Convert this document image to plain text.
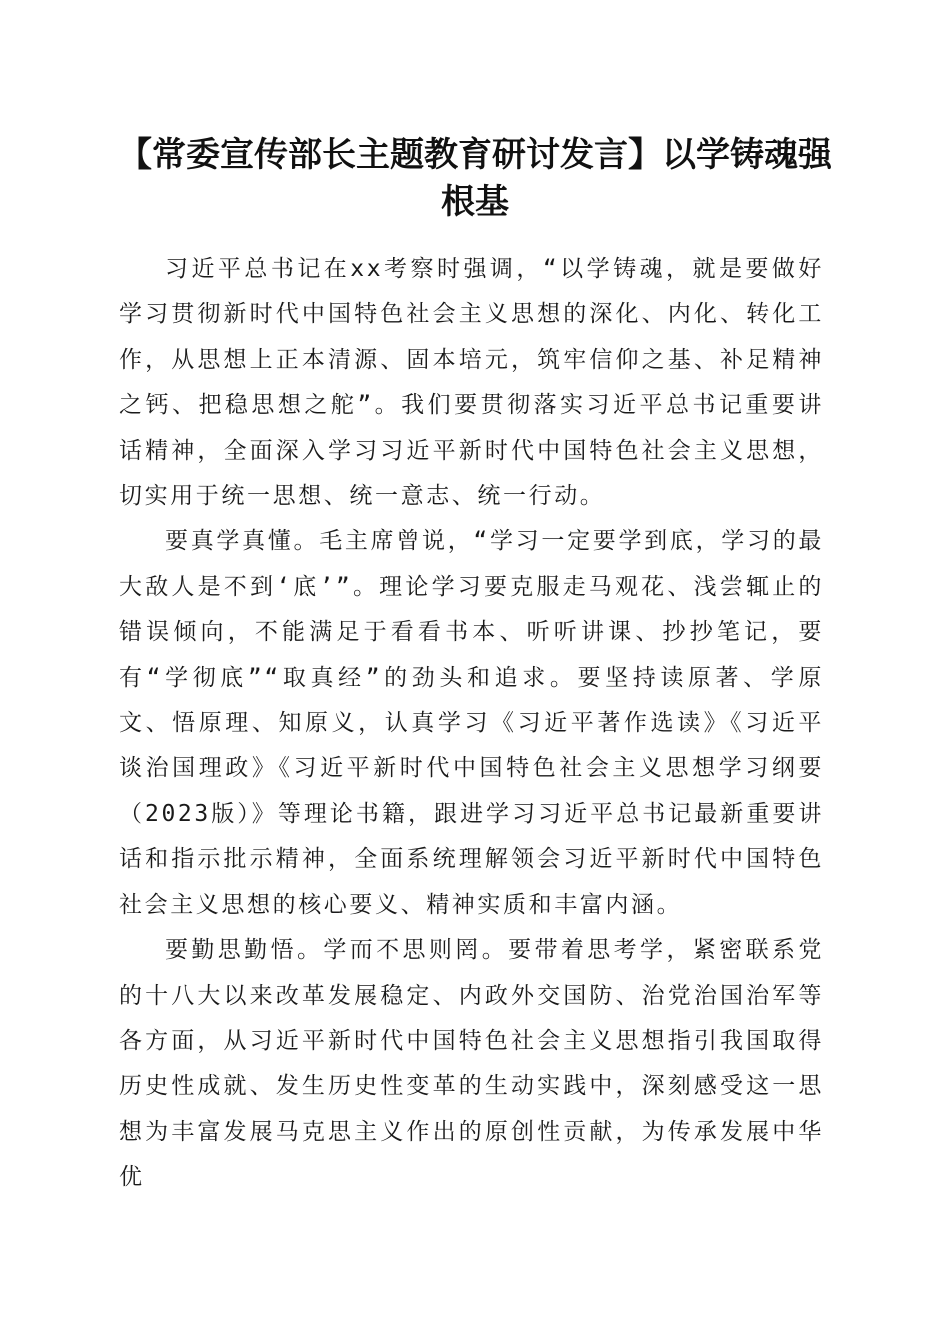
【常委宣传部长主题教育研讨发言】以学铸魂强根基

习近平总书记在xx考察时强调，“以学铸魂，就是要做好学习贯彻新时代中国特色社会主义思想的深化、内化、转化工作，从思想上正本清源、固本培元，筑牢信仰之基、补足精神之钙、把稳思想之舵”。我们要贯彻落实习近平总书记重要讲话精神，全面深入学习习近平新时代中国特色社会主义思想，切实用于统一思想、统一意志、统一行动。

要真学真懂。毛主席曾说，“学习一定要学到底，学习的最大敌人是不到‘底’”。理论学习要克服走马观花、浅尝辄止的错误倾向，不能满足于看看书本、听听讲课、抄抄笔记，要有“学彻底”“取真经”的劲头和追求。要坚持读原著、学原文、悟原理、知原义，认真学习《习近平著作选读》《习近平谈治国理政》《习近平新时代中国特色社会主义思想学习纲要（2023版）》等理论书籍，跟进学习习近平总书记最新重要讲话和指示批示精神，全面系统理解领会习近平新时代中国特色社会主义思想的核心要义、精神实质和丰富内涵。

要勤思勤悟。学而不思则罔。要带着思考学，紧密联系党的十八大以来改革发展稳定、内政外交国防、治党治国治军等各方面，从习近平新时代中国特色社会主义思想指引我国取得历史性成就、发生历史性变革的生动实践中，深刻感受这一思想为丰富发展马克思主义作出的原创性贡献，为传承发展中华优
